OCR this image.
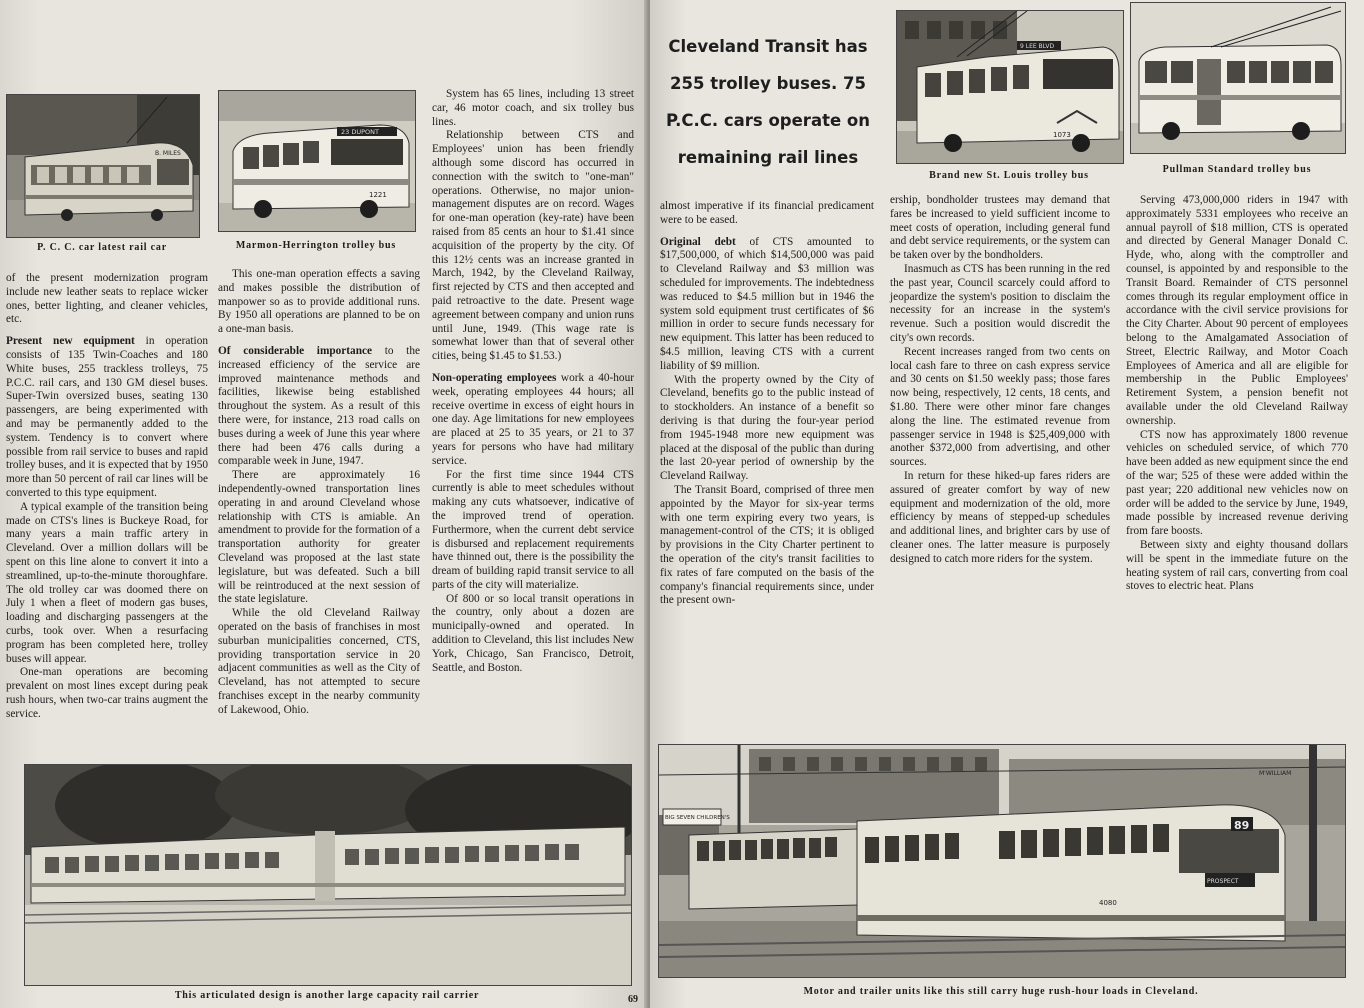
B. MILES
P. C. C. car latest rail car
23 DUPONT
1221
Marmon-Herrington trolley bus

of the present modernization program include new leather seats to replace wicker ones, better lighting, and cleaner vehicles, etc.

Present new equipment in operation consists of 135 Twin-Coaches and 180 White buses, 255 trackless trolleys, 75 P.C.C. rail cars, and 130 GM diesel buses. Super-Twin oversized buses, seating 130 passengers, are being experimented with and may be permanently added to the system. Tendency is to convert where possible from rail service to buses and rapid trolley buses, and it is expected that by 1950 more than 50 percent of rail car lines will be converted to this type equipment.

A typical example of the transition being made on CTS's lines is Buckeye Road, for many years a main traffic artery in Cleveland. Over a million dollars will be spent on this line alone to convert it into a streamlined, up-to-the-minute thoroughfare. The old trolley car was doomed there on July 1 when a fleet of modern gas buses, loading and discharging passengers at the curbs, took over. When a resurfacing program has been completed here, trolley buses will appear.

One-man operations are becoming prevalent on most lines except during peak rush hours, when two-car trains augment the service.

This one-man operation effects a saving and makes possible the distribution of manpower so as to provide additional runs. By 1950 all operations are planned to be on a one-man basis.

Of considerable importance to the increased efficiency of the service are improved maintenance methods and facilities, likewise being established throughout the system. As a result of this there were, for instance, 213 road calls on buses during a week of June this year where there had been 476 calls during a comparable week in June, 1947.

There are approximately 16 independently-owned transportation lines operating in and around Cleveland whose relationship with CTS is amiable. An amendment to provide for the formation of a transportation authority for greater Cleveland was proposed at the last state legislature, but was defeated. Such a bill will be reintroduced at the next session of the state legislature.

While the old Cleveland Railway operated on the basis of franchises in most suburban municipalities concerned, CTS, providing transportation service in 20 adjacent communities as well as the City of Cleveland, has not attempted to secure franchises except in the nearby community of Lakewood, Ohio.

System has 65 lines, including 13 street car, 46 motor coach, and six trolley bus lines.

Relationship between CTS and Employees' union has been friendly although some discord has occurred in connection with the switch to "one-man" operations. Otherwise, no major union-management disputes are on record. Wages for one-man operation (key-rate) have been raised from 85 cents an hour to $1.41 since acquisition of the property by the city. Of this 12½ cents was an increase granted in March, 1942, by the Cleveland Railway, first rejected by CTS and then accepted and paid retroactive to the date. Present wage agreement between company and union runs until June, 1949. (This wage rate is somewhat lower than that of several other cities, being $1.45 to $1.53.)

Non-operating employees work a 40-hour week, operating employees 44 hours; all receive overtime in excess of eight hours in one day. Age limitations for new employees are placed at 25 to 35 years, or 21 to 37 years for persons who have had military service.

For the first time since 1944 CTS currently is able to meet schedules without making any cuts whatsoever, indicative of the improved trend of operation. Furthermore, when the current debt service is disbursed and replacement requirements have thinned out, there is the possibility the dream of building rapid transit service to all parts of the city will materialize.

Of 800 or so local transit operations in the country, only about a dozen are municipally-owned and operated. In addition to Cleveland, this list includes New York, Chicago, San Francisco, Detroit, Seattle, and Boston.

This articulated design is another large capacity rail carrier	69
Cleveland Transit has
255 trolley buses. 75
P.C.C. cars operate on
remaining rail lines
9 LEE BLVD
1073
Brand new St. Louis trolley bus
Pullman Standard trolley bus

almost imperative if its financial predicament were to be eased.

Original debt of CTS amounted to $17,500,000, of which $14,500,000 was paid to Cleveland Railway and $3 million was scheduled for improvements. The indebtedness was reduced to $4.5 million but in 1946 the system sold equipment trust certificates of $6 million in order to secure funds necessary for new equipment. This latter has been reduced to $4.5 million, leaving CTS with a current liability of $9 million.

With the property owned by the City of Cleveland, benefits go to the public instead of to stockholders. An instance of a benefit so deriving is that during the four-year period from 1945-1948 more new equipment was placed at the disposal of the public than during the last 20-year period of ownership by the Cleveland Railway.

The Transit Board, comprised of three men appointed by the Mayor for six-year terms with one term expiring every two years, is management-control of the CTS; it is obliged by provisions in the City Charter pertinent to the operation of the city's transit facilities to fix rates of fare computed on the basis of the company's financial requirements since, under the present own-

ership, bondholder trustees may demand that fares be increased to yield sufficient income to meet costs of operation, including general fund and debt service requirements, or the system can be taken over by the bondholders.

Inasmuch as CTS has been running in the red the past year, Council scarcely could afford to jeopardize the system's position to disclaim the necessity for an increase in the system's revenue. Such a position would discredit the city's own records.

Recent increases ranged from two cents on local cash fare to three on cash express service and 30 cents on $1.50 weekly pass; those fares now being, respectively, 12 cents, 18 cents, and $1.80. There were other minor fare changes along the line. The estimated revenue from passenger service in 1948 is $25,409,000 with another $372,000 from advertising, and other sources.

In return for these hiked-up fares riders are assured of greater comfort by way of new equipment and modernization of the old, more efficiency by means of stepped-up schedules and additional lines, and brighter cars by use of cleaner ones. The latter measure is purposely designed to catch more riders for the system.

Serving 473,000,000 riders in 1947 with approximately 5331 employees who receive an annual payroll of $18 million, CTS is operated and directed by General Manager Donald C. Hyde, who, along with the comptroller and counsel, is appointed by and responsible to the Transit Board. Remainder of CTS personnel comes through its regular employment office in accordance with the civil service provisions for the City Charter. About 90 percent of employees belong to the Amalgamated Association of Street, Electric Railway, and Motor Coach Employees of America and all are eligible for membership in the Public Employees' Retirement System, a pension benefit not available under the old Cleveland Railway ownership.

CTS now has approximately 1800 revenue vehicles on scheduled service, of which 770 have been added as new equipment since the end of the war; 525 of these were added within the past year; 220 additional new vehicles now on order will be added to the service by June, 1949, made possible by increased revenue deriving from fare boosts.

Between sixty and eighty thousand dollars will be spent in the immediate future on the heating system of rail cars, converting from coal stoves to electric heat. Plans

BIG SEVEN CHILDREN'S
M'WILLIAM
89
PROSPECT
4080
Motor and trailer units like this still carry huge rush-hour loads in Cleveland.
